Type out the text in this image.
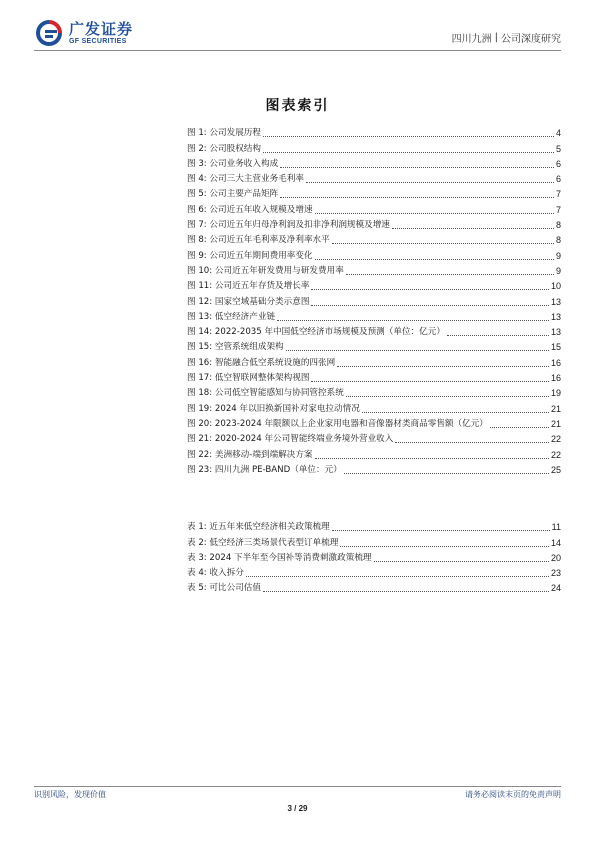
广发证券
GF SECURITIES	四川九洲 | 公司深度研究
图表索引
图 1: 公司发展历程	4
图 2: 公司股权结构	5
图 3: 公司业务收入构成	6
图 4: 公司三大主营业务毛利率	6
图 5: 公司主要产品矩阵	7
图 6: 公司近五年收入规模及增速	7
图 7: 公司近五年归母净利润及扣非净利润规模及增速	8
图 8: 公司近五年毛利率及净利率水平	8
图 9: 公司近五年期间费用率变化	9
图 10: 公司近五年研发费用与研发费用率	9
图 11: 公司近五年存货及增长率	10
图 12: 国家空域基础分类示意图	13
图 13: 低空经济产业链	13
图 14: 2022-2035 年中国低空经济市场规模及预测（单位：亿元）	13
图 15: 空管系统组成架构	15
图 16: 智能融合低空系统设施的四张网	16
图 17: 低空智联网整体架构视图	16
图 18: 公司低空智能感知与协同管控系统	19
图 19: 2024 年以旧换新国补对家电拉动情况	21
图 20: 2023-2024 年限额以上企业家用电器和音像器材类商品零售额（亿元）	21
图 21: 2020-2024 年公司智能终端业务境外营业收入	22
图 22: 美洲移动-端到端解决方案	22
图 23: 四川九洲 PE-BAND（单位：元）	25
表 1: 近五年来低空经济相关政策梳理	11
表 2: 低空经济三类场景代表型订单梳理	14
表 3: 2024 下半年至今国补等消费刺激政策梳理	20
表 4: 收入拆分	23
表 5: 可比公司估值	24
识别风险，发现价值	请务必阅读末页的免责声明
3 / 29
